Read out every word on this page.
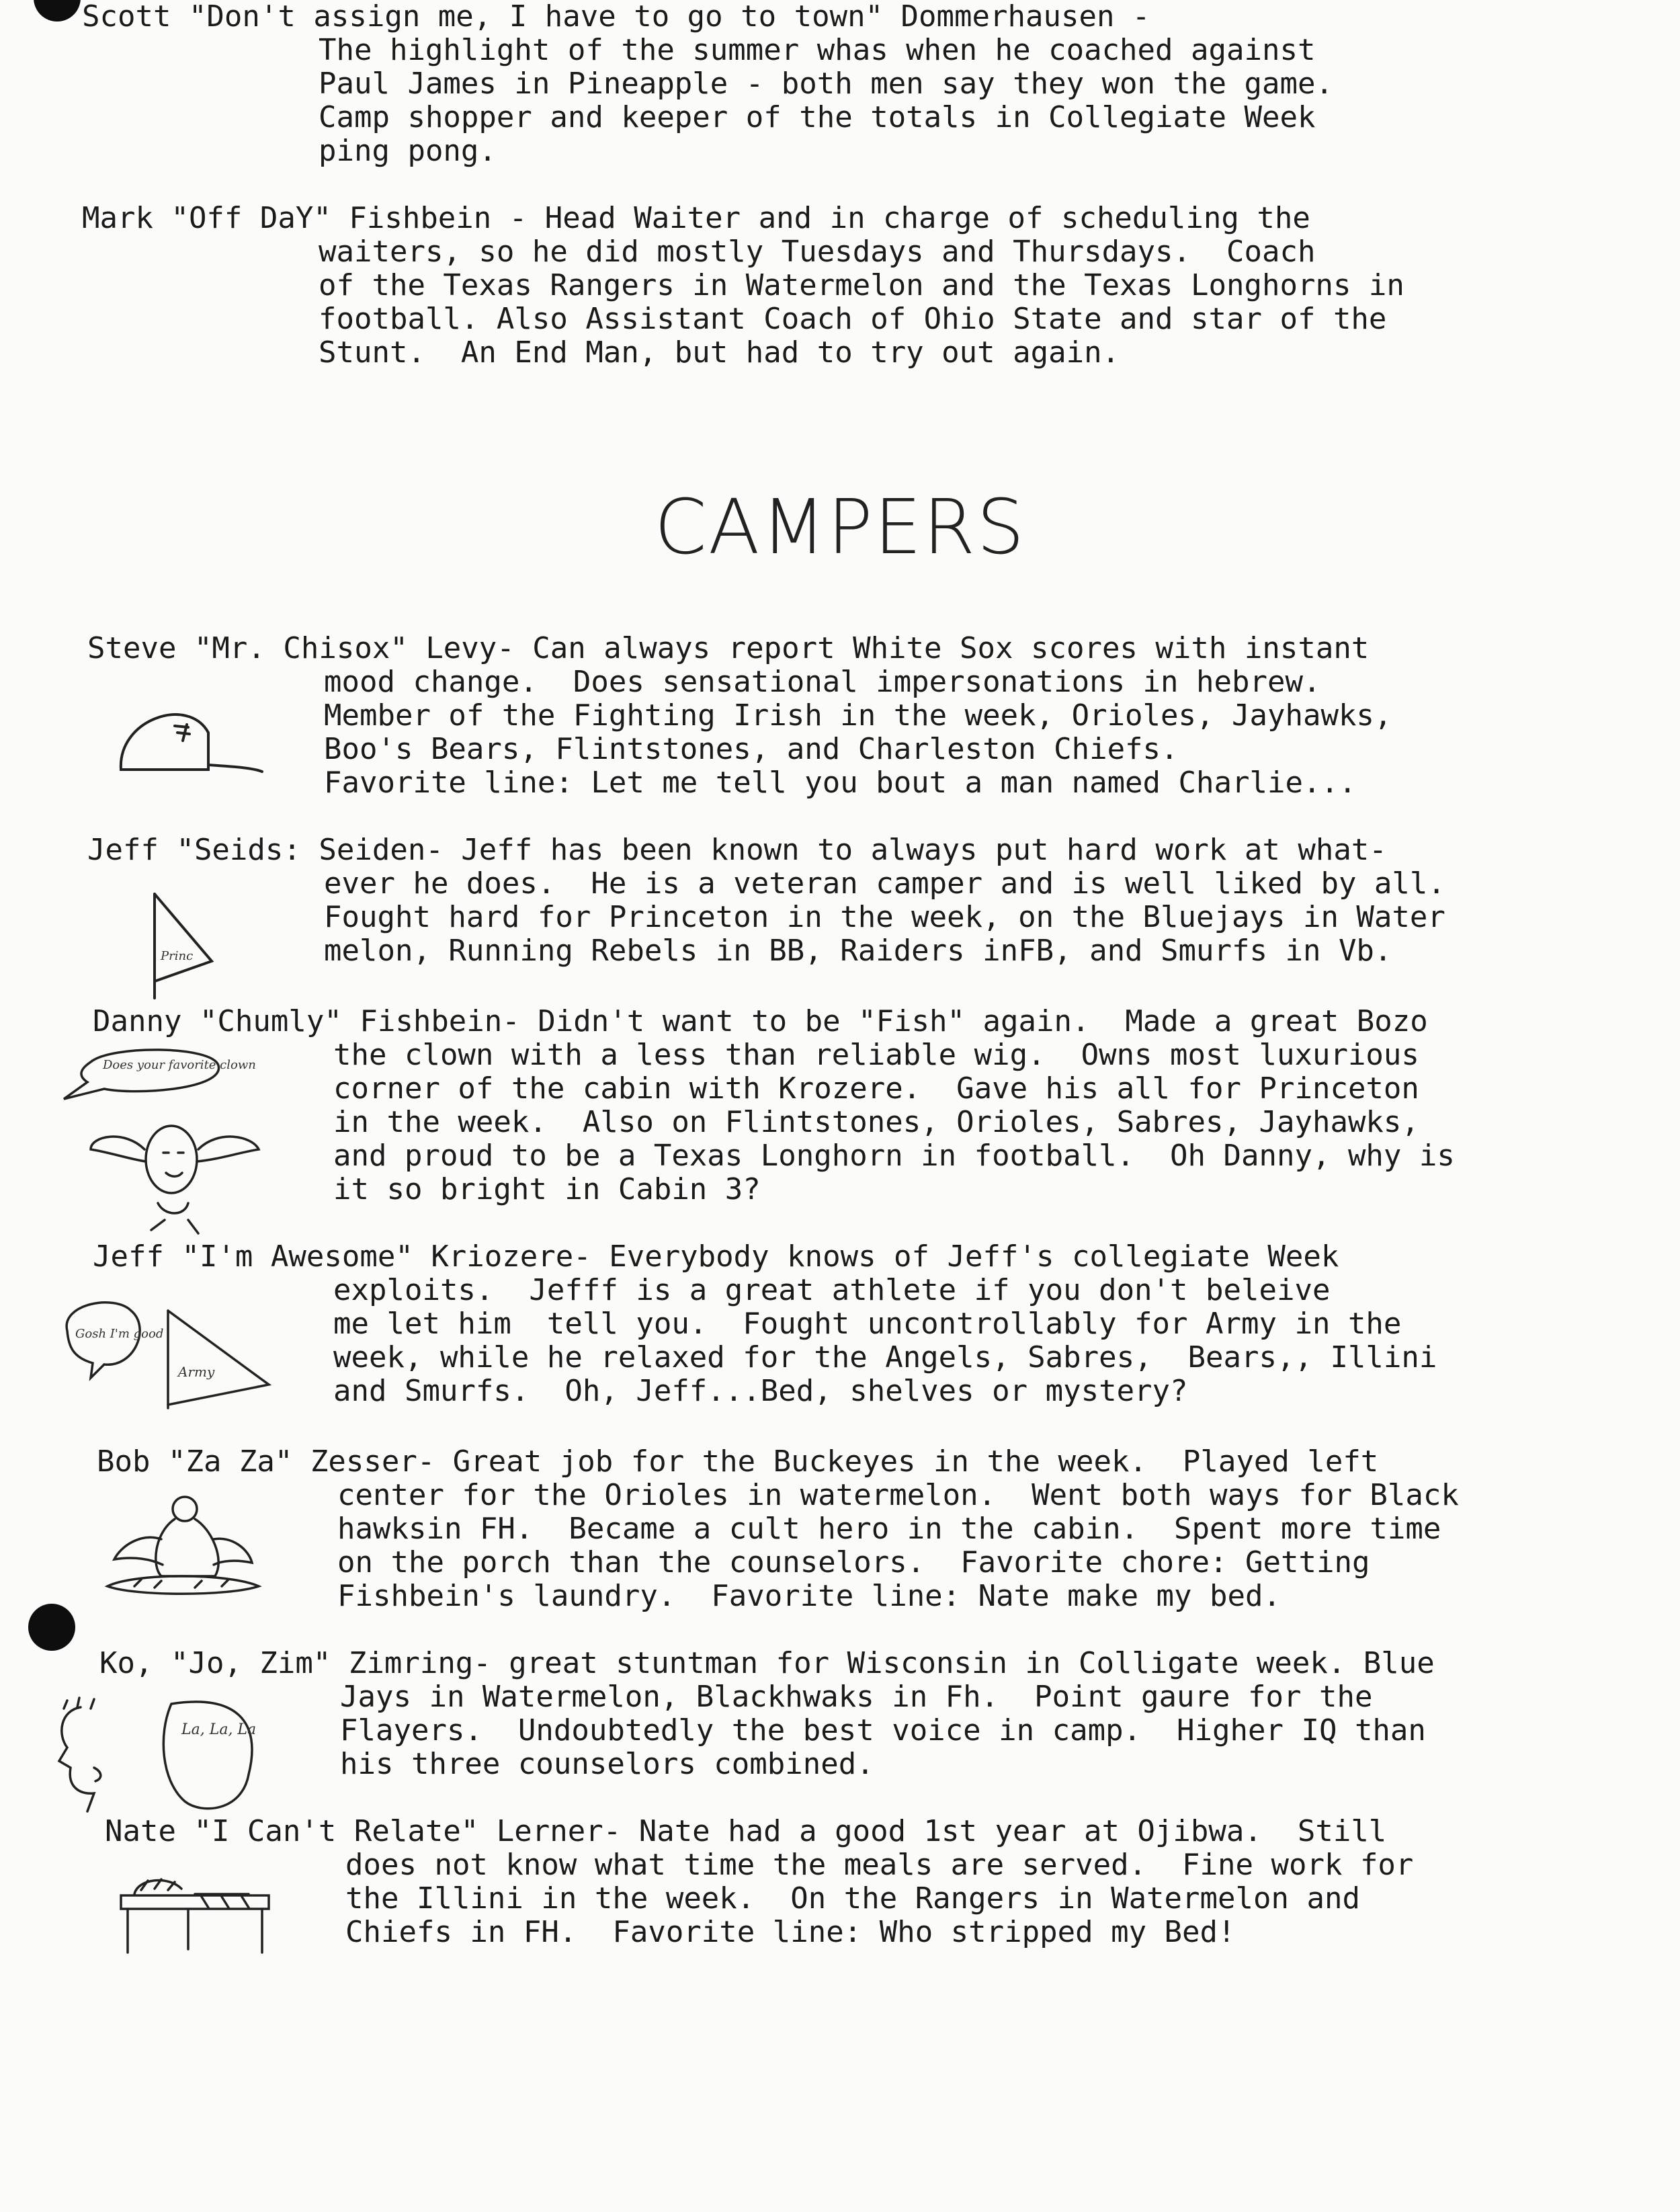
Scott "Don't assign me, I have to go to town" Dommerhausen -
The highlight of the summer whas when he coached against
Paul James in Pineapple - both men say they won the game.
Camp shopper and keeper of the totals in Collegiate Week
ping pong.
Mark "Off DaY" Fishbein - Head Waiter and in charge of scheduling the
waiters, so he did mostly Tuesdays and Thursdays.  Coach
of the Texas Rangers in Watermelon and the Texas Longhorns in
football. Also Assistant Coach of Ohio State and star of the
Stunt.  An End Man, but had to try out again.
CAMPERS
Steve "Mr. Chisox" Levy- Can always report White Sox scores with instant
mood change.  Does sensational impersonations in hebrew.
Member of the Fighting Irish in the week, Orioles, Jayhawks,
Boo's Bears, Flintstones, and Charleston Chiefs.
Favorite line: Let me tell you bout a man named Charlie...
Jeff "Seids: Seiden- Jeff has been known to always put hard work at what-
ever he does.  He is a veteran camper and is well liked by all.
Fought hard for Princeton in the week, on the Bluejays in Water
melon, Running Rebels in BB, Raiders inFB, and Smurfs in Vb.
Danny "Chumly" Fishbein- Didn't want to be "Fish" again.  Made a great Bozo
the clown with a less than reliable wig.  Owns most luxurious
corner of the cabin with Krozere.  Gave his all for Princeton
in the week.  Also on Flintstones, Orioles, Sabres, Jayhawks,
and proud to be a Texas Longhorn in football.  Oh Danny, why is
it so bright in Cabin 3?
Jeff "I'm Awesome" Kriozere- Everybody knows of Jeff's collegiate Week
exploits.  Jefff is a great athlete if you don't beleive
me let him  tell you.  Fought uncontrollably for Army in the
week, while he relaxed for the Angels, Sabres,  Bears,, Illini
and Smurfs.  Oh, Jeff...Bed, shelves or mystery?
Bob "Za Za" Zesser- Great job for the Buckeyes in the week.  Played left
center for the Orioles in watermelon.  Went both ways for Black
hawksin FH.  Became a cult hero in the cabin.  Spent more time
on the porch than the counselors.  Favorite chore: Getting
Fishbein's laundry.  Favorite line: Nate make my bed.
Ko, "Jo, Zim" Zimring- great stuntman for Wisconsin in Colligate week. Blue
Jays in Watermelon, Blackhwaks in Fh.  Point gaure for the
Flayers.  Undoubtedly the best voice in camp.  Higher IQ than
his three counselors combined.
Nate "I Can't Relate" Lerner- Nate had a good 1st year at Ojibwa.  Still
does not know what time the meals are served.  Fine work for
the Illini in the week.  On the Rangers in Watermelon and
Chiefs in FH.  Favorite line: Who stripped my Bed!
Princ
Does your favorite clown
Gosh I'm good
Army
La, La, La
